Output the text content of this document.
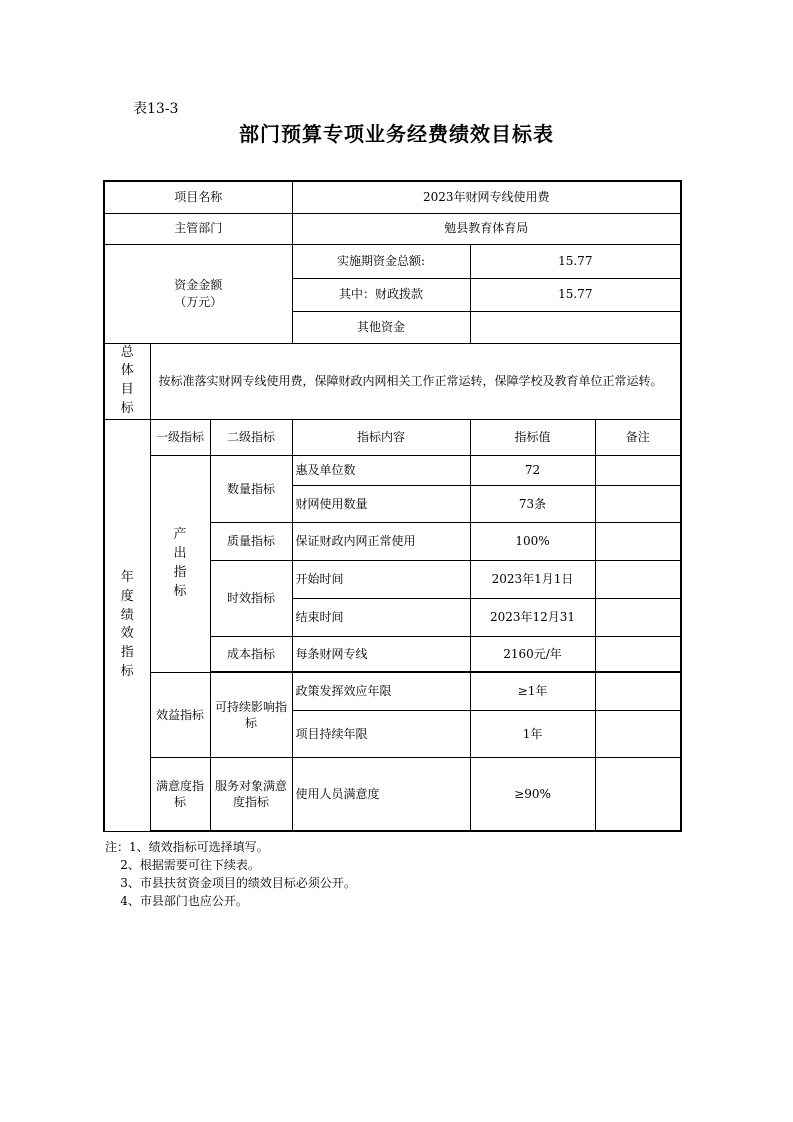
表13-3
部门预算专项业务经费绩效目标表
项目名称			2023年财网专线使用费		
主管部门			勉县教育体育局		

资金金额
（万元）			实施期资金总额:	15.77	
			其中：财政拨款	15.77	
			其他资金		

总体目标	按标准落实财网专线使用费，保障财政内网相关工作正常运转，保障学校及教育单位正常运转。				

年度绩效指标	一级指标	二级指标	指标内容	指标值	备注

	产出指标	数量指标	惠及单位数	72	
			财网使用数量	73条	
		质量指标	保证财政内网正常使用	100%	
		时效指标	开始时间	2023年1月1日	
			结束时间	2023年12月31	
		成本指标	每条财网专线	2160元/年	

	效益指标	可持续影响指标	政策发挥效应年限	≥1年	
			项目持续年限	1年	
	满意度指标	服务对象满意度指标	使用人员满意度	≥90%	
注：1、绩效指标可选择填写。
2、根据需要可往下续表。
3、市县扶贫资金项目的绩效目标必须公开。
4、市县部门也应公开。
